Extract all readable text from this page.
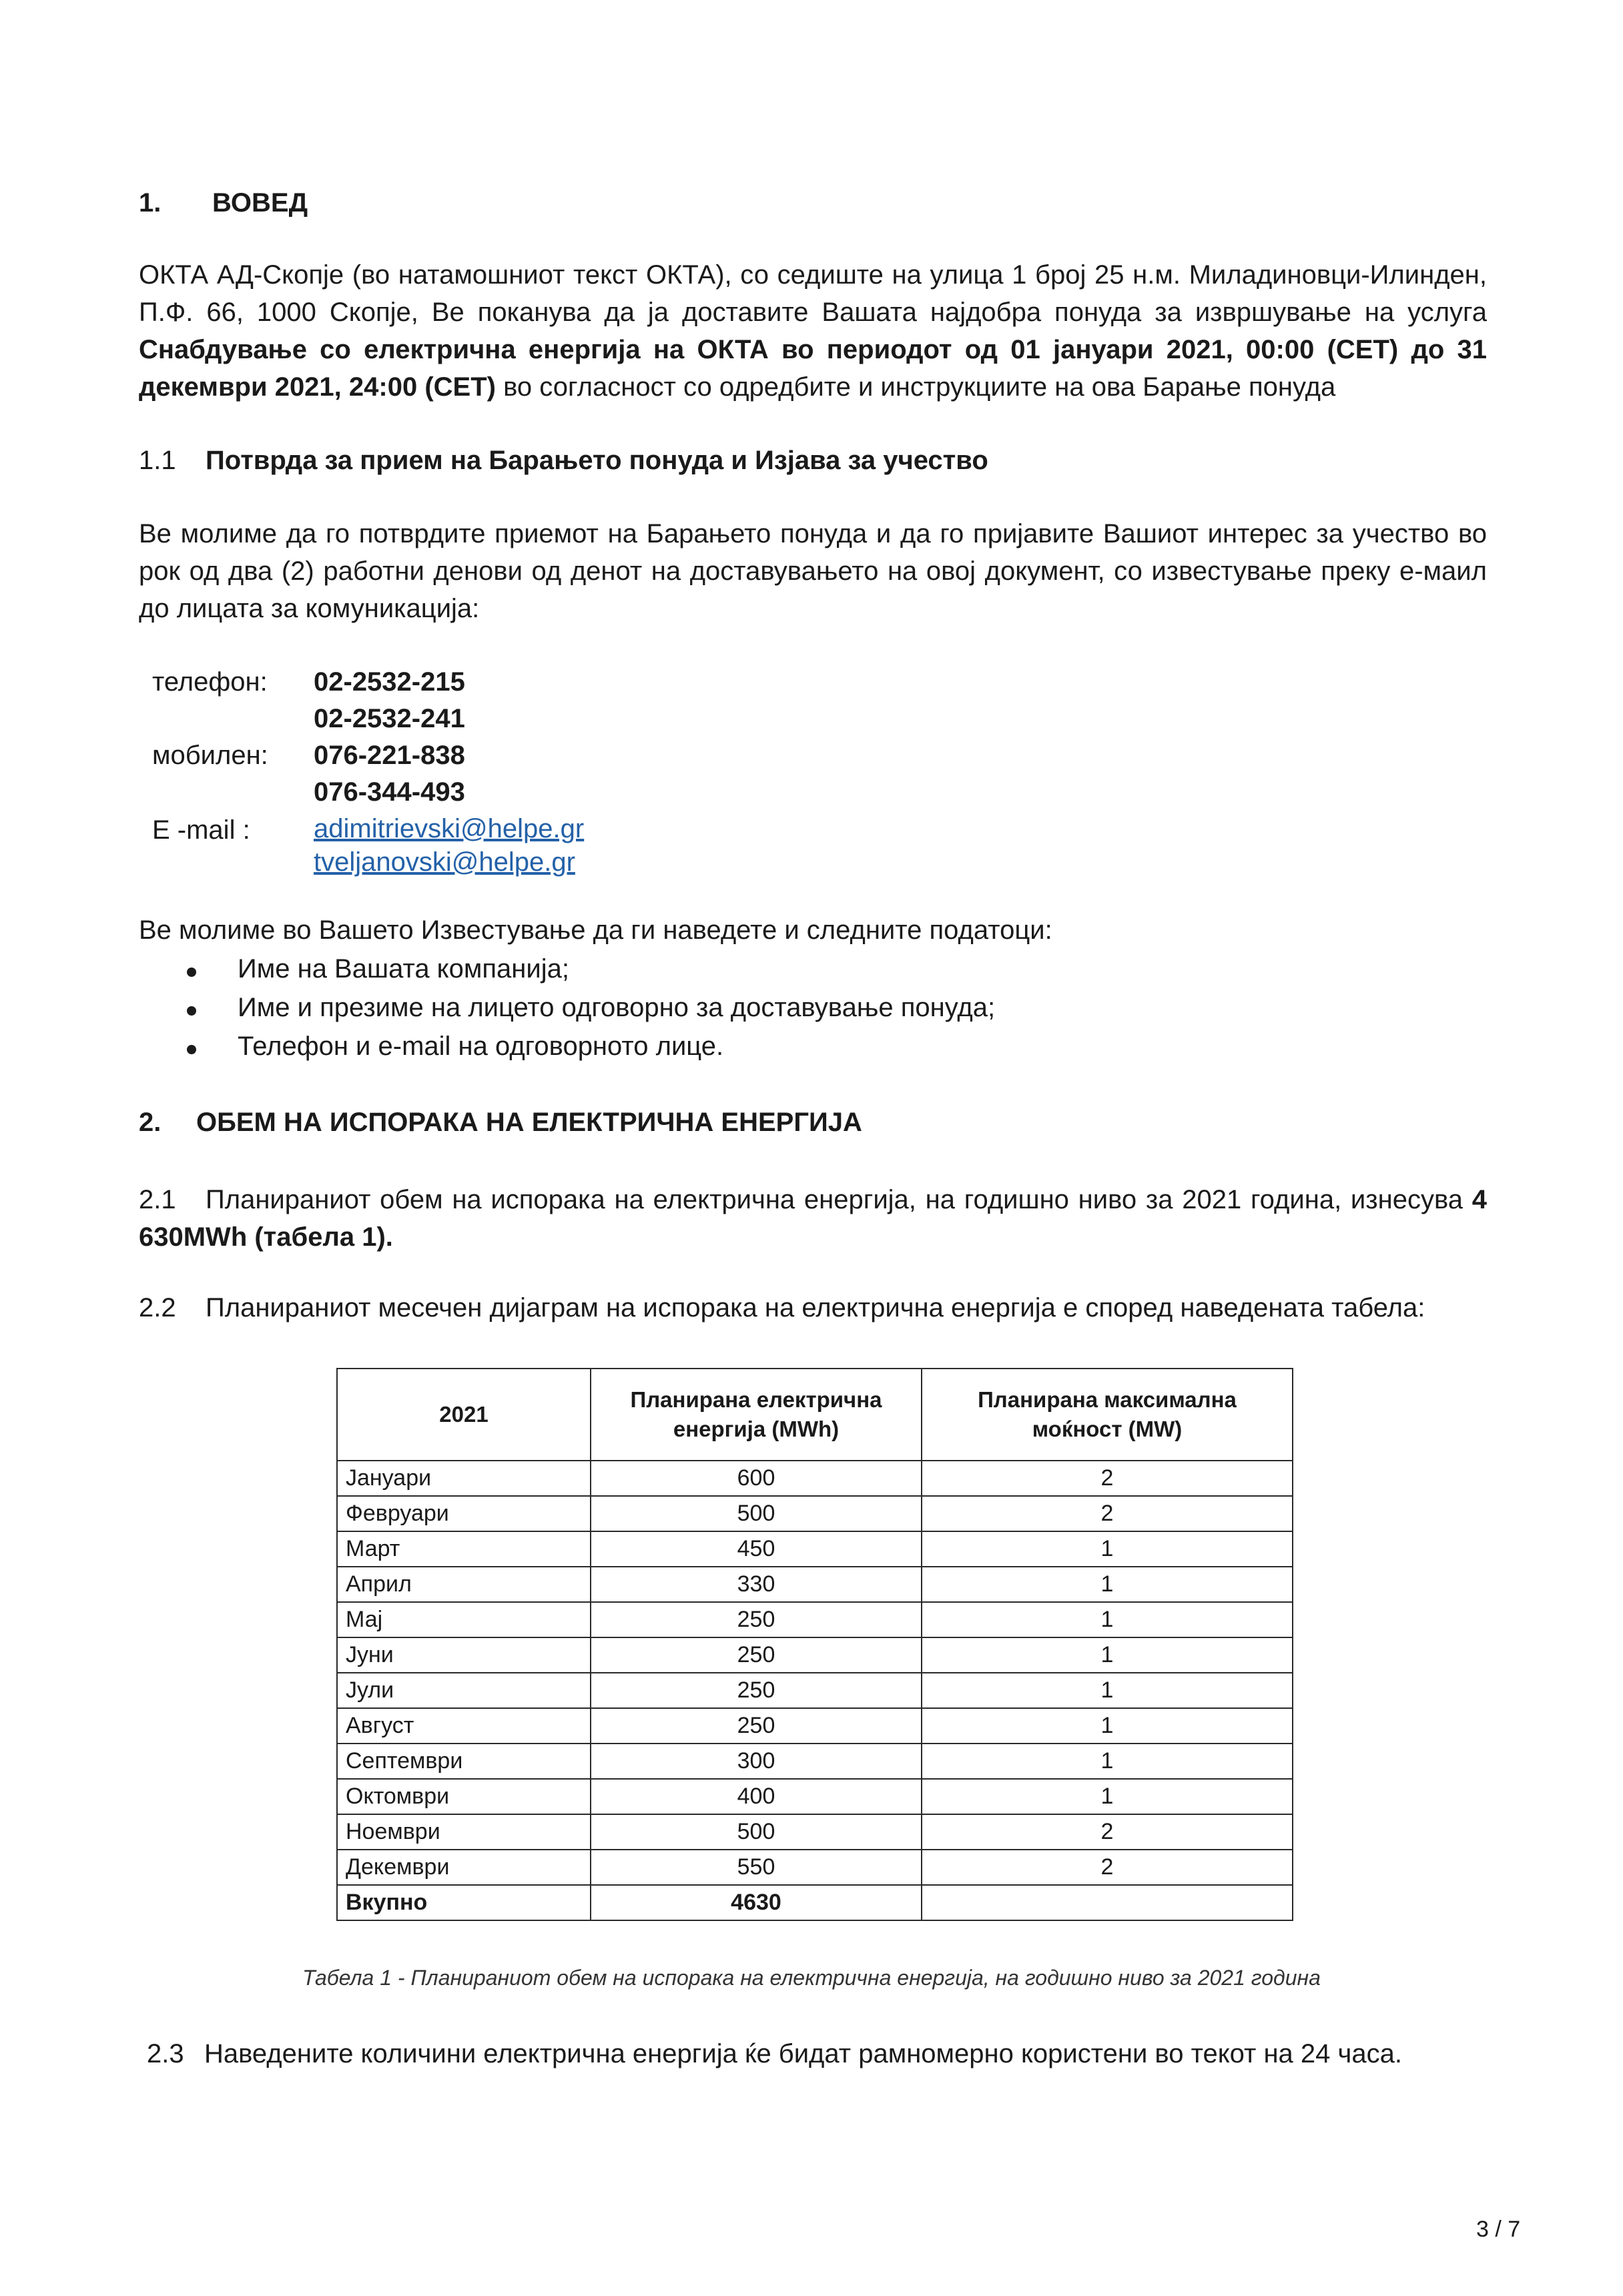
1. ВОВЕД
ОКТА АД-Скопје (во натамошниот текст ОКТА), со седиште на улица 1 број 25 н.м. Миладиновци-Илинден, П.Ф. 66, 1000 Скопје, Ве поканува да ја доставите Вашата најдобра понуда за извршување на услуга Снабдување со електрична енергија на ОКТА во периодот од 01 јануари 2021, 00:00 (CET) до 31 декември 2021, 24:00 (CET) во согласност со одредбите и инструкциите на ова Барање понуда
1.1 Потврда за прием на Барањето понуда и Изјава за учество
Ве молиме да го потврдите приемот на Барањето понуда и да го пријавите Вашиот интерес за учество во рок од два (2) работни денови од денот на доставувањето на овој документ, со известување преку е-маил до лицата за комуникација:
телефон: 02-2532-215
02-2532-241
мобилен: 076-221-838
076-344-493
E -mail : adimitrievski@helpe.gr
tveljanovski@helpe.gr
Ве молиме во Вашето Известување да ги наведете и следните податоци:
Име на Вашата компанија;
Име и презиме на лицето одговорно за доставување понуда;
Телефон и e-mail на одговорното лице.
2. ОБЕМ НА ИСПОРАКА НА ЕЛЕКТРИЧНА ЕНЕРГИЈА
2.1 Планираниот обем на испорака на електрична енергија, на годишно ниво за 2021 година, изнесува 4 630MWh (табела 1).
2.2 Планираниот месечен дијаграм на испорака на електрична енергија е според наведената табела:
2021	Планирана електрична енергија (MWh)	Планирана максимална моќност (MW)
Јануари	600	2
Февруари	500	2
Март	450	1
Април	330	1
Мај	250	1
Јуни	250	1
Јули	250	1
Август	250	1
Септември	300	1
Октомври	400	1
Ноември	500	2
Декември	550	2
Вкупно	4630	
Табела 1 - Планираниот обем на испорака на електрична енергија, на годишно ниво за 2021 година
2.3 Наведените количини електрична енергија ќе бидат рамномерно користени во текот на 24 часа.
3 / 7
